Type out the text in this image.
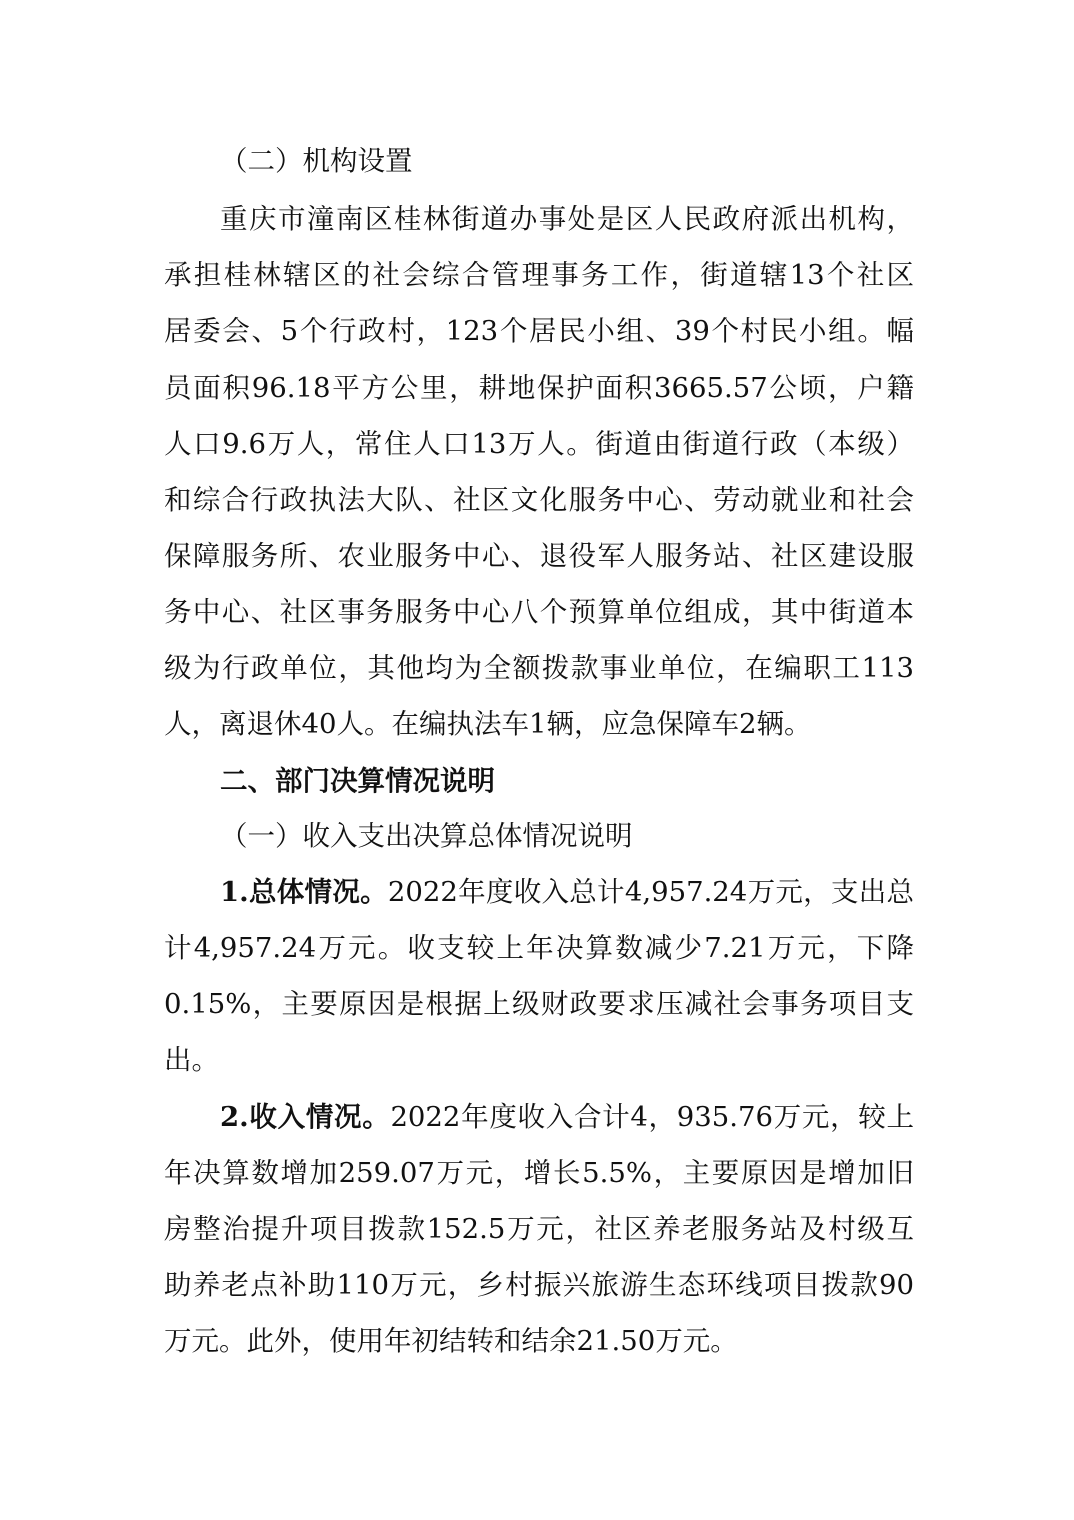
（二）机构设置
重庆市潼南区桂林街道办事处是区人民政府派出机构，
承担桂林辖区的社会综合管理事务工作，街道辖13个社区
居委会、5个行政村，123个居民小组、39个村民小组。幅
员面积96.18平方公里，耕地保护面积3665.57公顷，户籍
人口9.6万人，常住人口13万人。街道由街道行政（本级）
和综合行政执法大队、社区文化服务中心、劳动就业和社会
保障服务所、农业服务中心、退役军人服务站、社区建设服
务中心、社区事务服务中心八个预算单位组成，其中街道本
级为行政单位，其他均为全额拨款事业单位，在编职工113
人，离退休40人。在编执法车1辆，应急保障车2辆。
二、部门决算情况说明
（一）收入支出决算总体情况说明
1.总体情况。2022年度收入总计4,957.24万元，支出总
计4,957.24万元。收支较上年决算数减少7.21万元，下降
0.15%，主要原因是根据上级财政要求压减社会事务项目支
出。
2.收入情况。2022年度收入合计4，935.76万元，较上
年决算数增加259.07万元，增长5.5%，主要原因是增加旧
房整治提升项目拨款152.5万元，社区养老服务站及村级互
助养老点补助110万元，乡村振兴旅游生态环线项目拨款90
万元。此外，使用年初结转和结余21.50万元。
